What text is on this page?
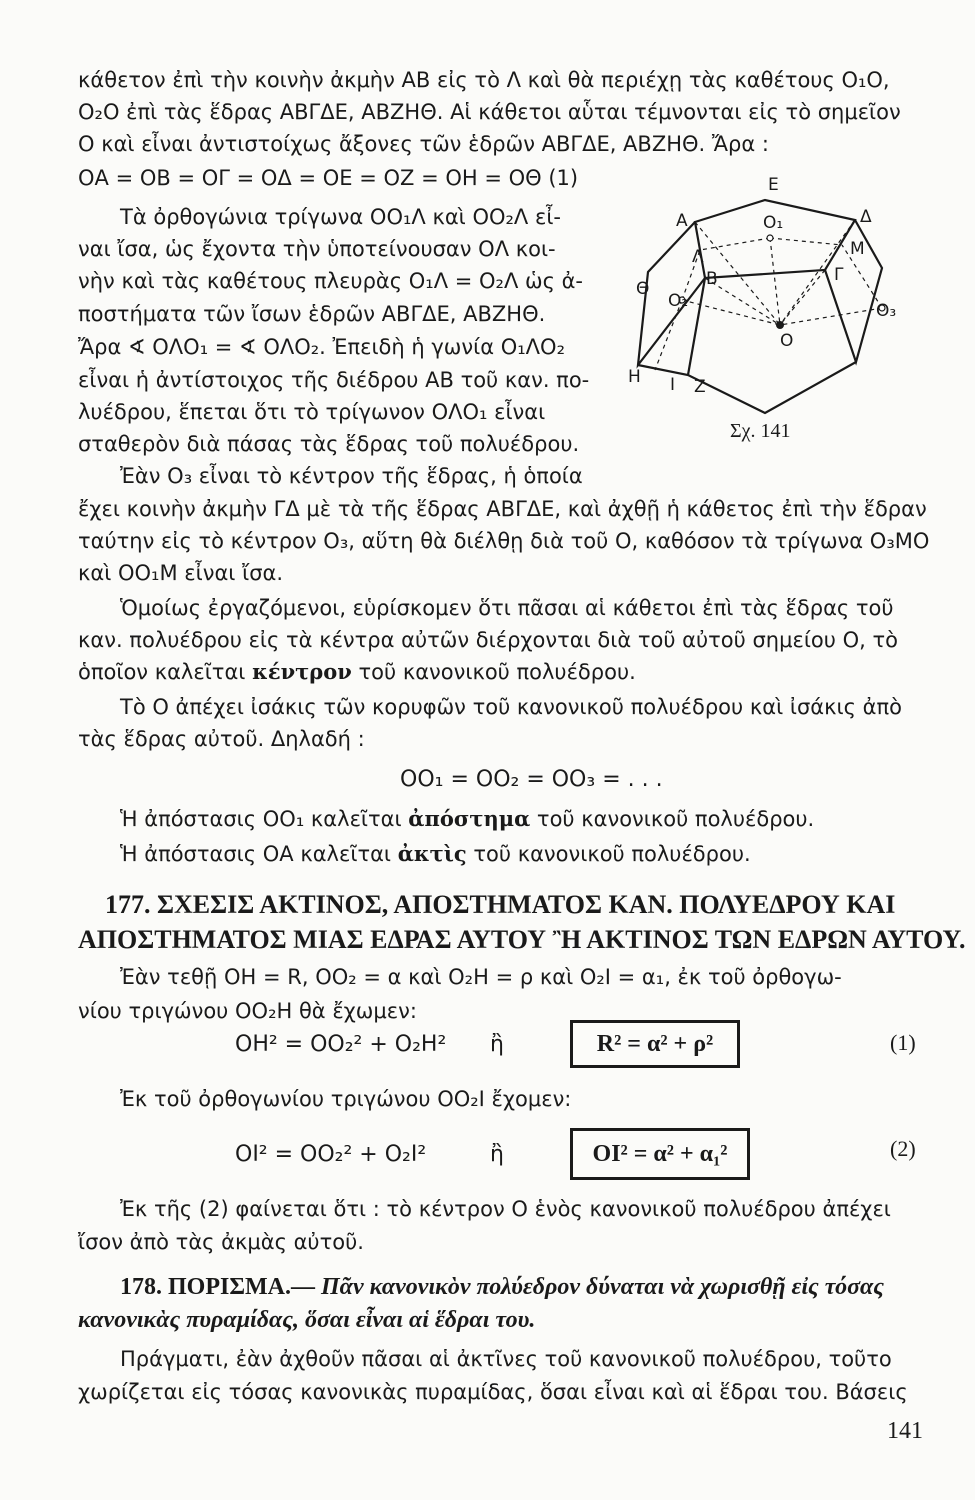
κάθετον ἐπὶ τὴν κοινὴν ἀκμὴν ΑΒ εἰς τὸ Λ καὶ θὰ περιέχῃ τὰς καθέτους Ο₁Ο,
Ο₂Ο ἐπὶ τὰς ἕδρας ΑΒΓΔΕ, ΑΒΖΗΘ. Αἱ κάθετοι αὗται τέμνονται εἰς τὸ σημεῖον
Ο καὶ εἶναι ἀντιστοίχως ἄξονες τῶν ἑδρῶν ΑΒΓΔΕ, ΑΒΖΗΘ. Ἄρα :
ΟΑ = ΟΒ = ΟΓ = ΟΔ = ΟΕ = ΟΖ = ΟΗ = ΟΘ (1)
Τὰ ὀρθογώνια τρίγωνα ΟΟ₁Λ καὶ ΟΟ₂Λ εἶ-
ναι ἴσα, ὡς ἔχοντα τὴν ὑποτείνουσαν ΟΛ κοι-
νὴν καὶ τὰς καθέτους πλευρὰς Ο₁Λ = Ο₂Λ ὡς ἀ-
ποστήματα τῶν ἴσων ἑδρῶν ΑΒΓΔΕ, ΑΒΖΗΘ.
Ἄρα ∢ ΟΛΟ₁ = ∢ ΟΛΟ₂. Ἐπειδὴ ἡ γωνία Ο₁ΛΟ₂
εἶναι ἡ ἀντίστοιχος τῆς διέδρου ΑΒ τοῦ καν. πο-
λυέδρου, ἕπεται ὅτι τὸ τρίγωνον ΟΛΟ₁ εἶναι
σταθερὸν διὰ πάσας τὰς ἕδρας τοῦ πολυέδρου.
Ε
Α	Δ
O₁
Λ	Μ
Β	Γ
Θ
O₂	O₃
O
Η Ι Ζ
Σχ. 141
Ἐὰν Ο₃ εἶναι τὸ κέντρον τῆς ἕδρας, ἡ ὁποία
ἔχει κοινὴν ἀκμὴν ΓΔ μὲ τὰ τῆς ἕδρας ΑΒΓΔΕ, καὶ ἀχθῇ ἡ κάθετος ἐπὶ τὴν ἕδραν
ταύτην εἰς τὸ κέντρον Ο₃, αὕτη θὰ διέλθῃ διὰ τοῦ Ο, καθόσον τὰ τρίγωνα Ο₃ΜΟ
καὶ ΟΟ₁Μ εἶναι ἴσα.
Ὁμοίως ἐργαζόμενοι, εὑρίσκομεν ὅτι πᾶσαι αἱ κάθετοι ἐπὶ τὰς ἕδρας τοῦ
καν. πολυέδρου εἰς τὰ κέντρα αὐτῶν διέρχονται διὰ τοῦ αὐτοῦ σημείου Ο, τὸ
ὁποῖον καλεῖται κέντρον τοῦ κανονικοῦ πολυέδρου.
Τὸ Ο ἀπέχει ἰσάκις τῶν κορυφῶν τοῦ κανονικοῦ πολυέδρου καὶ ἰσάκις ἀπὸ
τὰς ἕδρας αὐτοῦ. Δηλαδή :
ΟΟ₁ = ΟΟ₂ = ΟΟ₃ = . . .
Ἡ ἀπόστασις ΟΟ₁ καλεῖται ἀπόστημα τοῦ κανονικοῦ πολυέδρου.
Ἡ ἀπόστασις ΟΑ καλεῖται ἀκτὶς τοῦ κανονικοῦ πολυέδρου.
177. ΣΧΕΣΙΣ ΑΚΤΙΝΟΣ, ΑΠΟΣΤΗΜΑΤΟΣ ΚΑΝ. ΠΟΛΥΕΔΡΟΥ ΚΑΙ
ΑΠΟΣΤΗΜΑΤΟΣ ΜΙΑΣ ΕΔΡΑΣ ΑΥΤΟΥ Ἢ ΑΚΤΙΝΟΣ ΤΩΝ ΕΔΡΩΝ ΑΥΤΟΥ.
Ἐὰν τεθῇ ΟΗ = R, ΟΟ₂ = α καὶ Ο₂Η = ρ καὶ Ο₂Ι = α₁, ἐκ τοῦ ὀρθογω-
νίου τριγώνου ΟΟ₂Η θὰ ἔχωμεν:
ΟΗ² = ΟΟ₂² + Ο₂Η² ἢ	R² = α² + ρ²	(1)
Ἐκ τοῦ ὀρθογωνίου τριγώνου ΟΟ₂Ι ἔχομεν:
ΟΙ² = ΟΟ₂² + Ο₂Ι²	ἢ	ΟΙ² = α² + α₁²	(2)
Ἐκ τῆς (2) φαίνεται ὅτι : τὸ κέντρον Ο ἑνὸς κανονικοῦ πολυέδρου ἀπέχει
ἴσον ἀπὸ τὰς ἀκμὰς αὐτοῦ.
178. ΠΟΡΙΣΜΑ.— Πᾶν κανονικὸν πολύεδρον δύναται νὰ χωρισθῇ εἰς τόσας
κανονικὰς πυραμίδας, ὅσαι εἶναι αἱ ἕδραι του.
Πράγματι, ἐὰν ἀχθοῦν πᾶσαι αἱ ἀκτῖνες τοῦ κανονικοῦ πολυέδρου, τοῦτο
χωρίζεται εἰς τόσας κανονικὰς πυραμίδας, ὅσαι εἶναι καὶ αἱ ἕδραι του. Βάσεις
141
